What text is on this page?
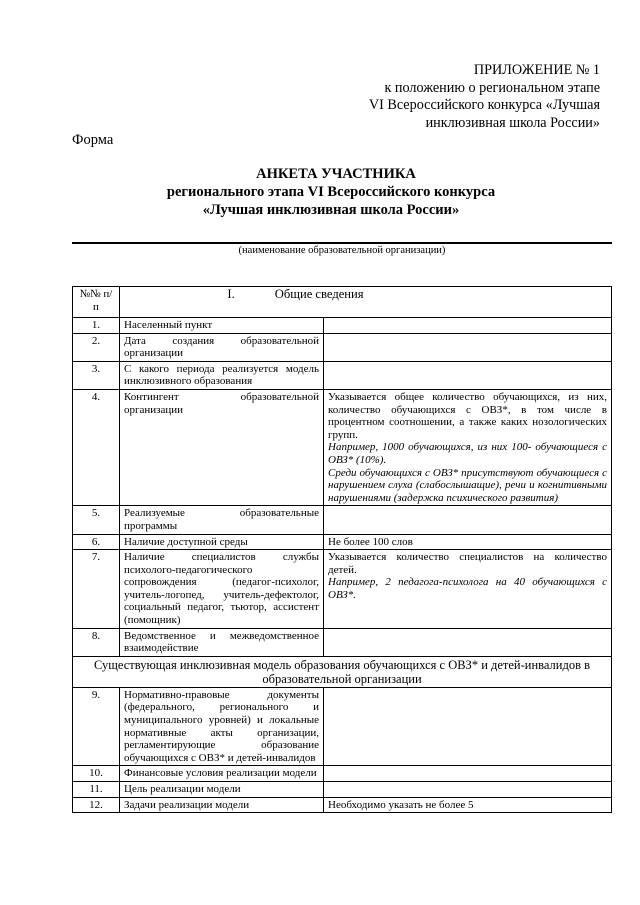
ПРИЛОЖЕНИЕ № 1
к положению о региональном этапе
VI Всероссийского конкурса «Лучшая
инклюзивная школа России»
Форма
АНКЕТА УЧАСТНИКА
регионального этапа VI Всероссийского конкурса
«Лучшая инклюзивная школа России»
(наименование образовательной организации)
№№ п/п	I. Общие сведения	
1.	Населенный пункт	
2.	Дата создания образовательной организации	
3.	С какого периода реализуется модель инклюзивного образования	
4.	Контингент образовательной организации	Указывается общее количество обучающихся, из них, количество обучающихся с ОВЗ*, в том числе в процентном соотношении, а также каких нозологических групп.
Например, 1000 обучающихся, из них 100- обучающиеся с ОВЗ* (10%).
Среди обучающихся с ОВЗ* присутствуют обучающиеся с нарушением слуха (слабослышащие), речи и когнитивными нарушениями (задержка психического развития)

5.	Реализуемые образовательные программы	
6.	Наличие доступной среды	Не более 100 слов
7.	Наличие специалистов службы психолого-педагогического сопровождения (педагог-психолог, учитель-логопед, учитель-дефектолог, социальный педагог, тьютор, ассистент (помощник)	Указывается количество специалистов на количество детей.
Например, 2 педагога-психолога на 40 обучающихся с ОВЗ*.

8.	Ведомственное и межведомственное взаимодействие	
Существующая инклюзивная модель образования обучающихся с ОВЗ* и детей-инвалидов в образовательной организации		
9.	Нормативно-правовые документы (федерального, регионального и муниципального уровней) и локальные нормативные акты организации, регламентирующие образование обучающихся с ОВЗ* и детей-инвалидов	
10.	Финансовые условия реализации модели	
11.	Цель реализации модели	
12.	Задачи реализации модели	Необходимо указать не более 5
